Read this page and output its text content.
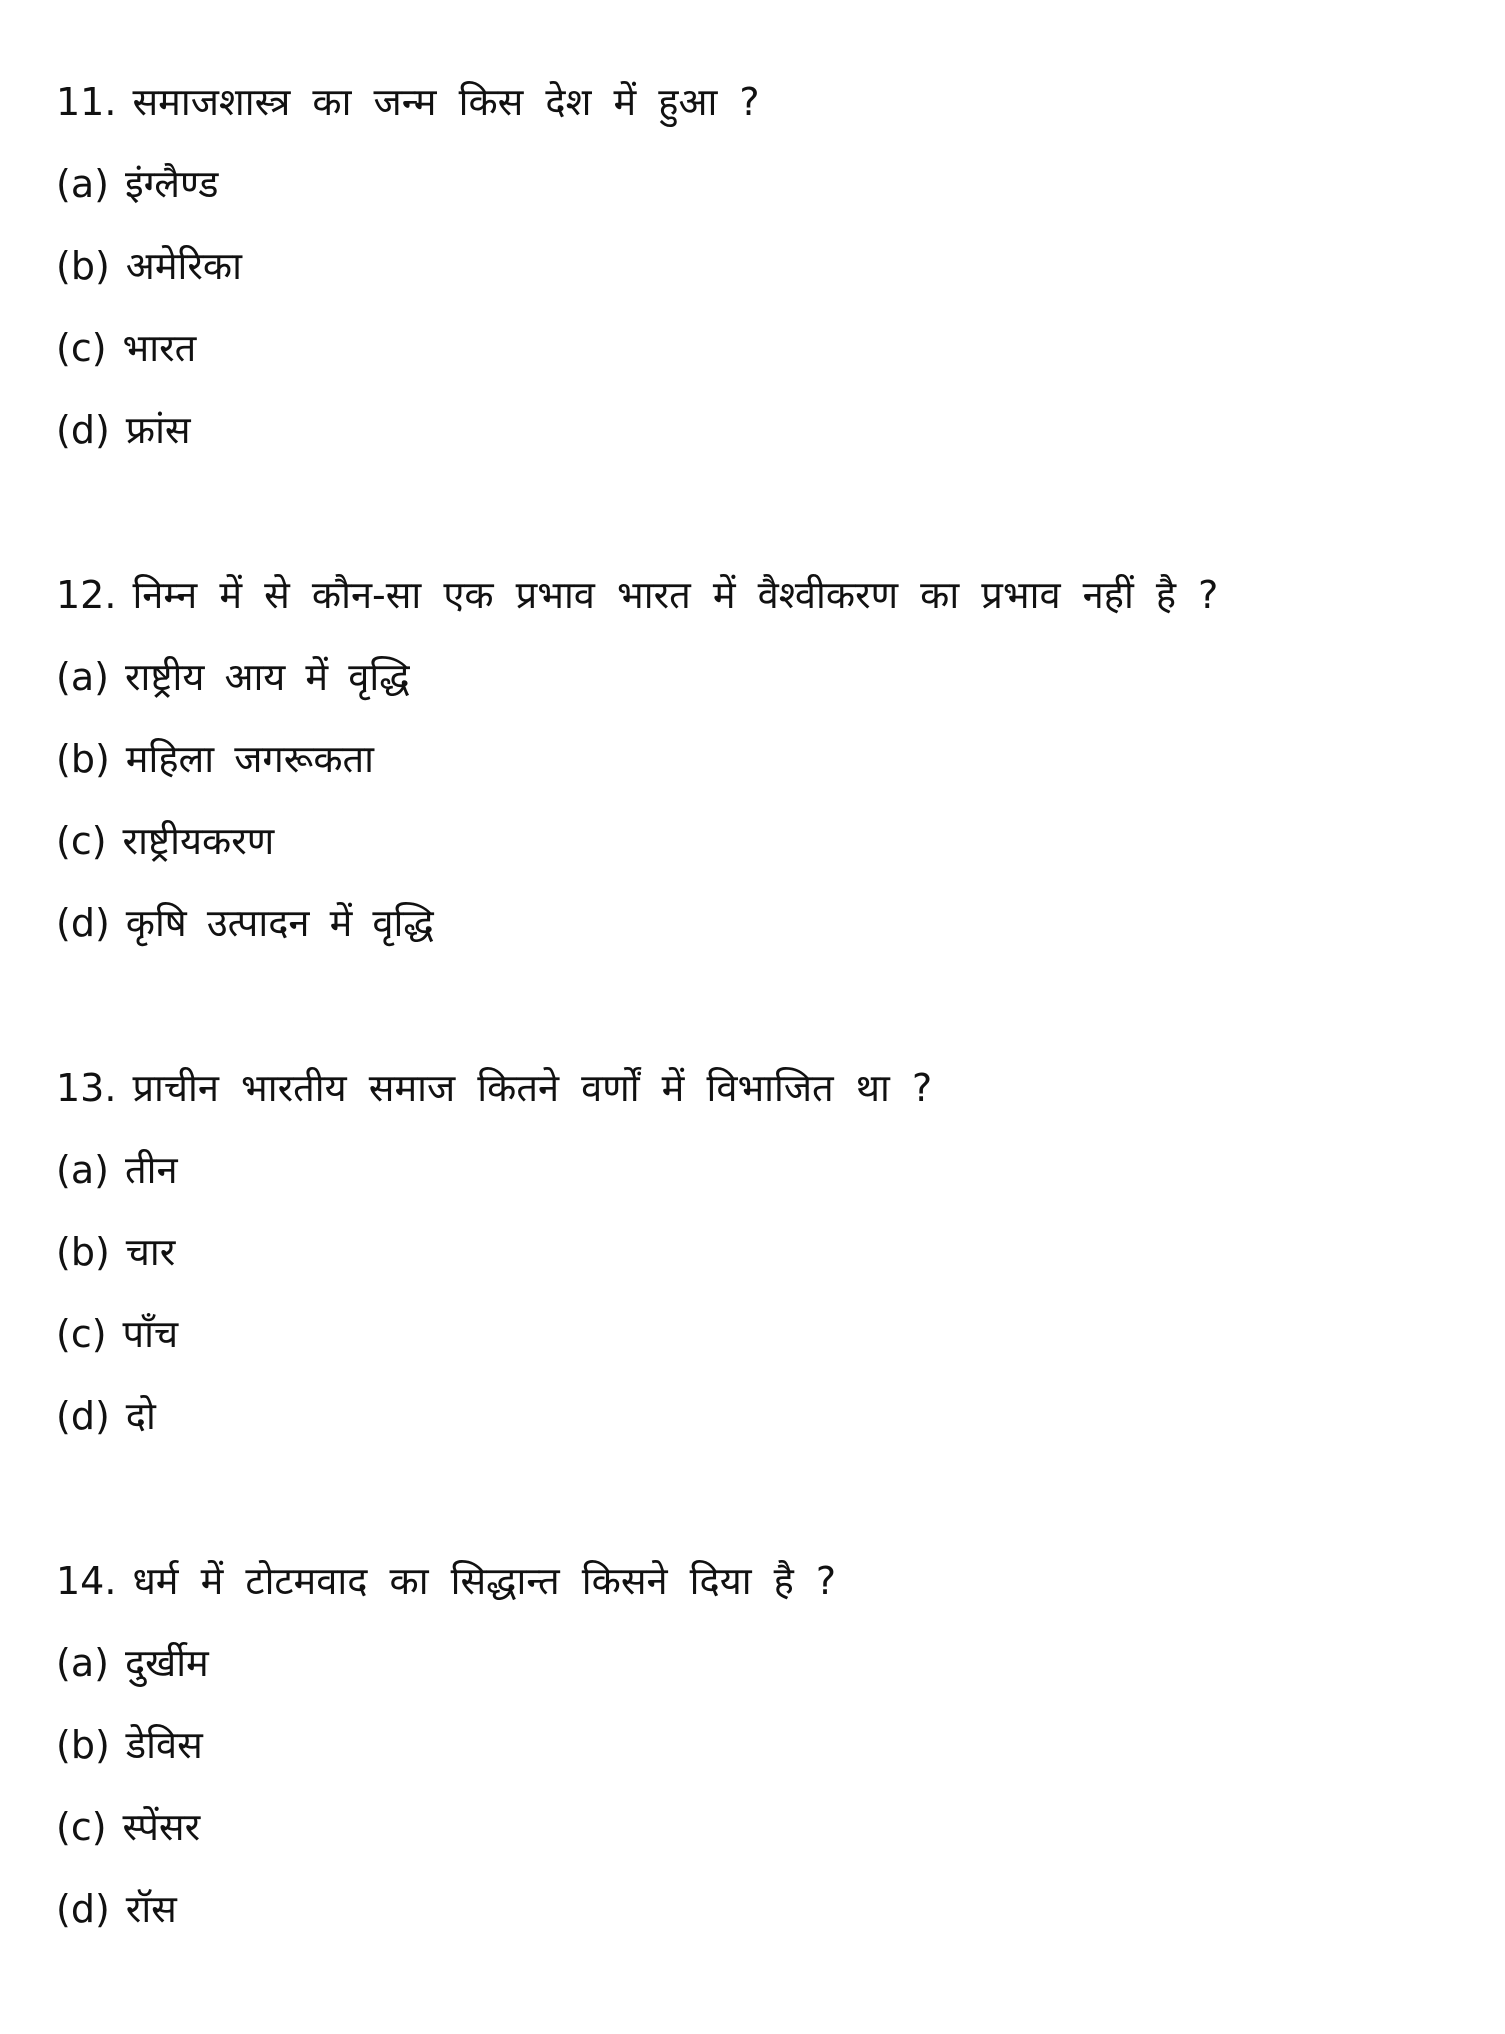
11. समाजशास्त्र का जन्म किस देश में हुआ ?
(a) इंग्लैण्ड
(b) अमेरिका
(c) भारत
(d) फ्रांस
12. निम्न में से कौन-सा एक प्रभाव भारत में वैश्वीकरण का प्रभाव नहीं है ?
(a) राष्ट्रीय आय में वृद्धि
(b) महिला जगरूकता
(c) राष्ट्रीयकरण
(d) कृषि उत्पादन में वृद्धि
13. प्राचीन भारतीय समाज कितने वर्णों में विभाजित था ?
(a) तीन
(b) चार
(c) पाँच
(d) दो
14. धर्म में टोटमवाद का सिद्धान्त किसने दिया है ?
(a) दुर्खीम
(b) डेविस
(c) स्पेंसर
(d) रॉस
